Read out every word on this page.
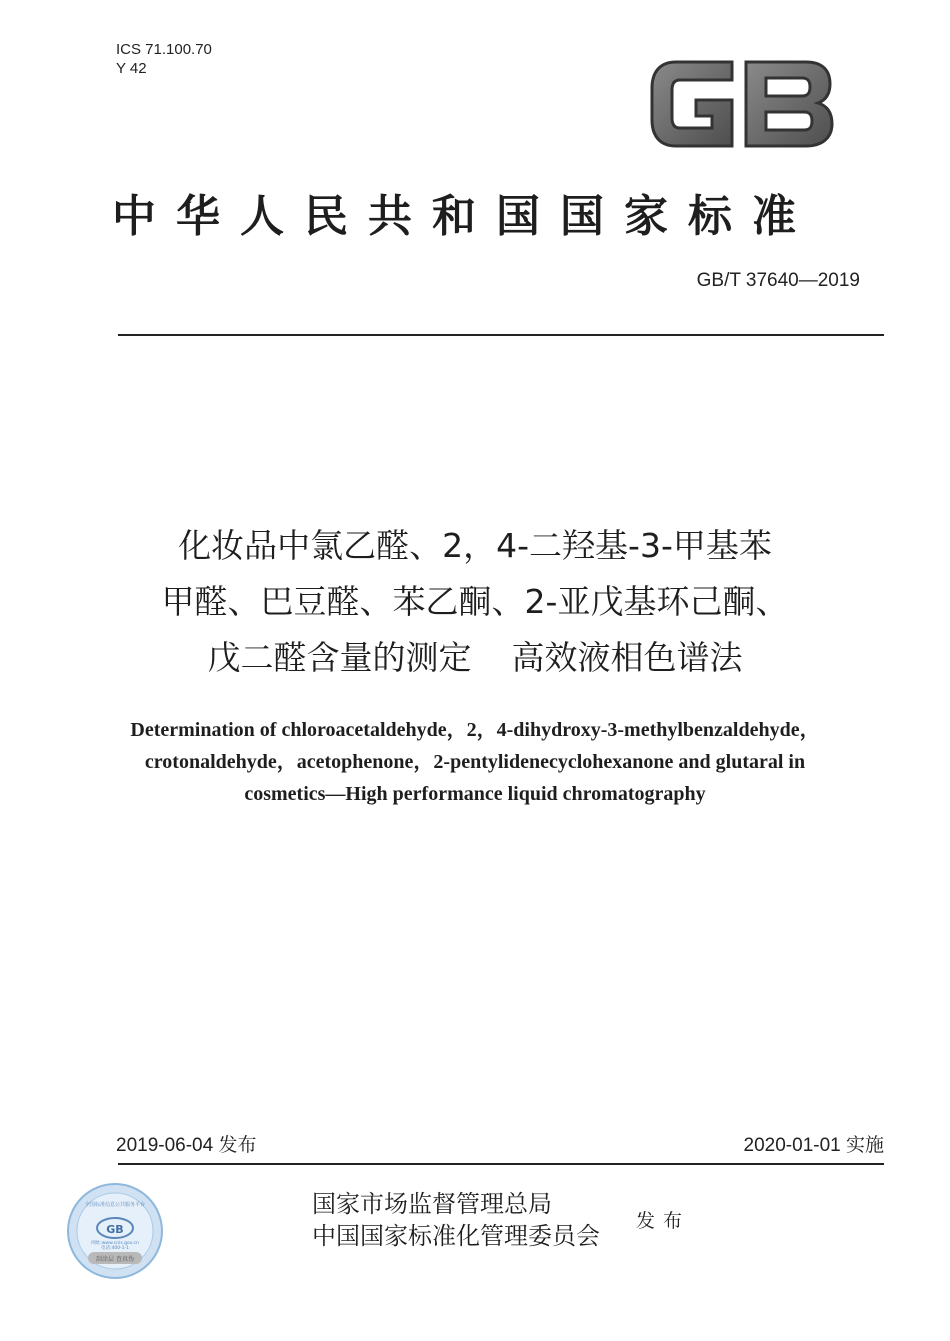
ICS 71.100.70
Y 42
中华人民共和国国家标准
GB/T 37640—2019
化妆品中氯乙醛、2，4-二羟基-3-甲基苯
甲醛、巴豆醛、苯乙酮、2-亚戊基环己酮、
戊二醛含量的测定 高效液相色谱法
Determination of chloroacetaldehyde，2，4-dihydroxy-3-methylbenzaldehyde，
crotonaldehyde，acetophenone，2-pentylidenecyclohexanone and glutaral in
cosmetics—High performance liquid chromatography
2019-06-04 发布	2020-01-01 实施
GB
刮涂层 查真伪
全国标准信息公共服务平台
网址:www.cnis.gov.cn
电话:400-1-1
国家市场监督管理总局
中国国家标准化管理委员会
发布
